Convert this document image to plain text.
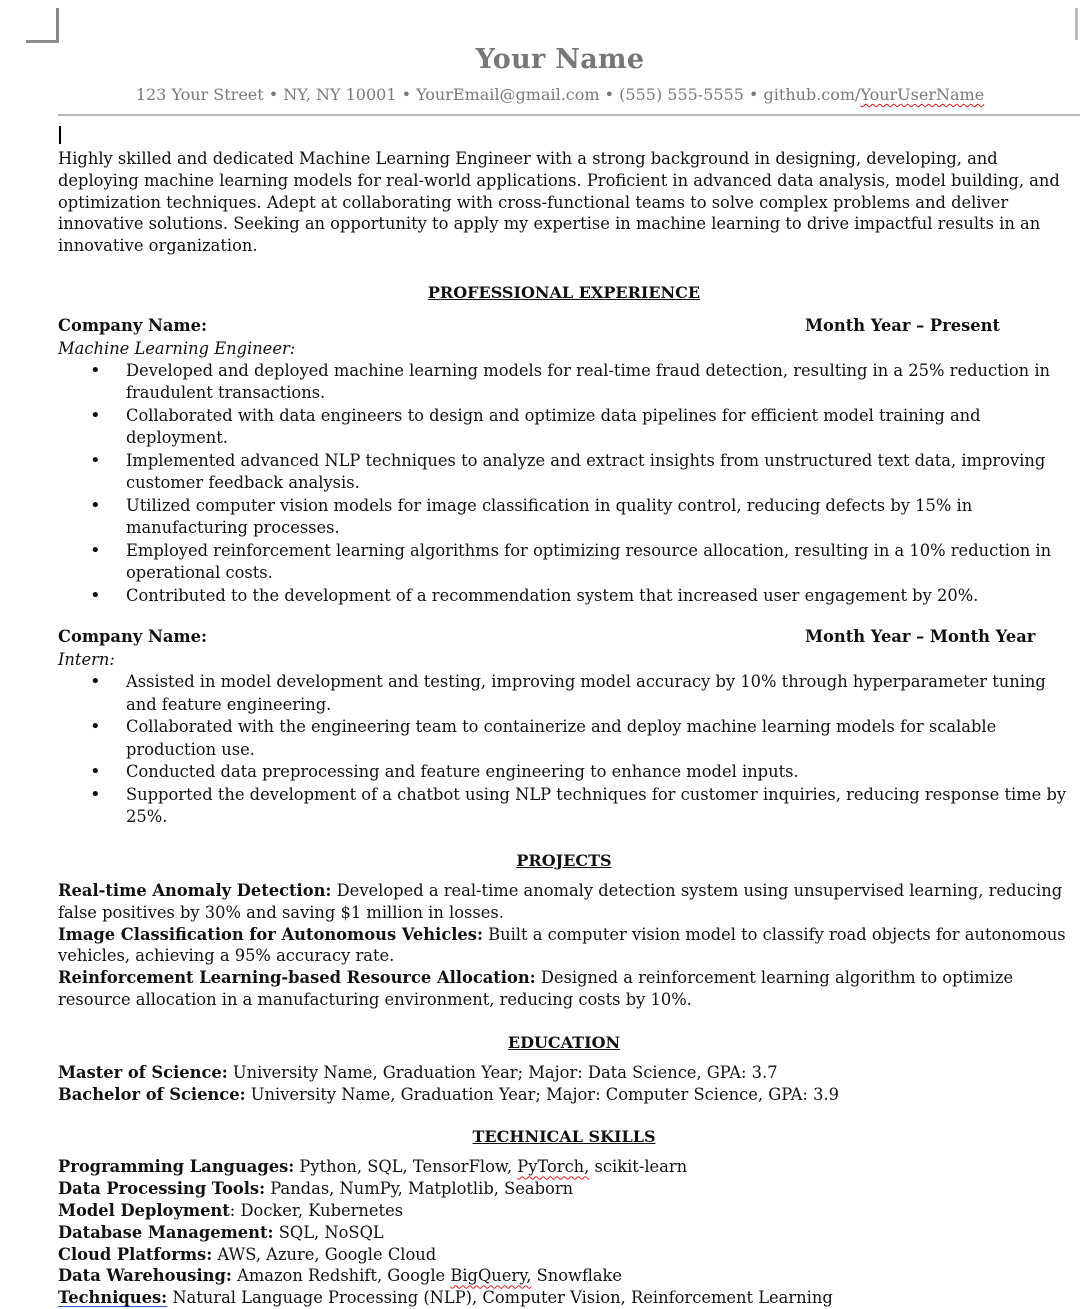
Your Name
123 Your Street • NY, NY 10001 • YourEmail@gmail.com • (555) 555-5555 • github.com/YourUserName
Highly skilled and dedicated Machine Learning Engineer with a strong background in designing, developing, and deploying machine learning models for real-world applications. Proficient in advanced data analysis, model building, and optimization techniques. Adept at collaborating with cross-functional teams to solve complex problems and deliver innovative solutions. Seeking an opportunity to apply my expertise in machine learning to drive impactful results in an innovative organization.
PROFESSIONAL EXPERIENCE
Company Name:	Month Year – Present
Machine Learning Engineer:
• Developed and deployed machine learning models for real-time fraud detection, resulting in a 25% reduction in fraudulent transactions.
• Collaborated with data engineers to design and optimize data pipelines for efficient model training and deployment.
• Implemented advanced NLP techniques to analyze and extract insights from unstructured text data, improving customer feedback analysis.
• Utilized computer vision models for image classification in quality control, reducing defects by 15% in manufacturing processes.
• Employed reinforcement learning algorithms for optimizing resource allocation, resulting in a 10% reduction in operational costs.
• Contributed to the development of a recommendation system that increased user engagement by 20%.
Company Name:	Month Year – Month Year
Intern:
• Assisted in model development and testing, improving model accuracy by 10% through hyperparameter tuning and feature engineering.
• Collaborated with the engineering team to containerize and deploy machine learning models for scalable production use.
• Conducted data preprocessing and feature engineering to enhance model inputs.
• Supported the development of a chatbot using NLP techniques for customer inquiries, reducing response time by 25%.
PROJECTS
Real-time Anomaly Detection: Developed a real-time anomaly detection system using unsupervised learning, reducing false positives by 30% and saving $1 million in losses.
Image Classification for Autonomous Vehicles: Built a computer vision model to classify road objects for autonomous vehicles, achieving a 95% accuracy rate.
Reinforcement Learning-based Resource Allocation: Designed a reinforcement learning algorithm to optimize resource allocation in a manufacturing environment, reducing costs by 10%.
EDUCATION
Master of Science: University Name, Graduation Year; Major: Data Science, GPA: 3.7
Bachelor of Science: University Name, Graduation Year; Major: Computer Science, GPA: 3.9
TECHNICAL SKILLS
Programming Languages: Python, SQL, TensorFlow, PyTorch, scikit-learn
Data Processing Tools: Pandas, NumPy, Matplotlib, Seaborn
Model Deployment: Docker, Kubernetes
Database Management: SQL, NoSQL
Cloud Platforms: AWS, Azure, Google Cloud
Data Warehousing: Amazon Redshift, Google BigQuery, Snowflake
Techniques: Natural Language Processing (NLP), Computer Vision, Reinforcement Learning
